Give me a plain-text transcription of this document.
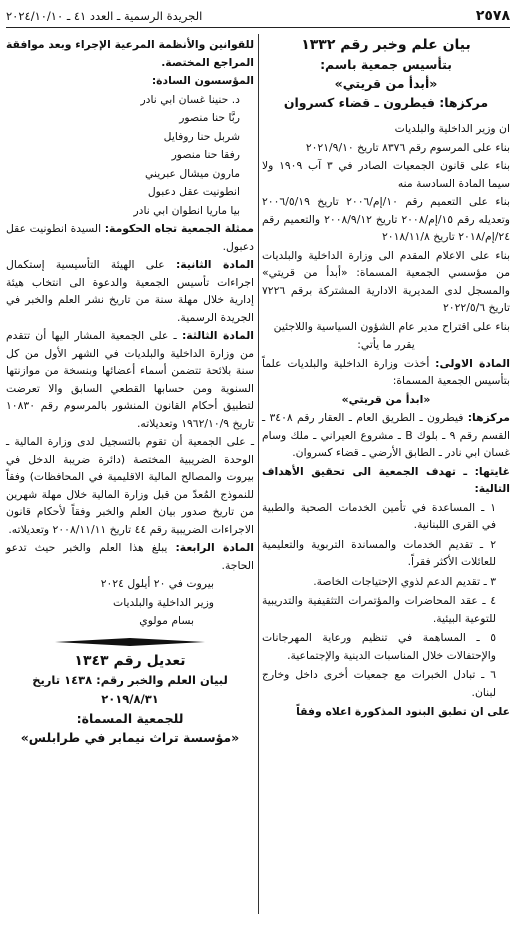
٢٥٧٨
الجريدة الرسمية ـ العدد ٤١ ـ ٢٠٢٤/١٠/١٠
بيان علم وخبر رقم ١٣٣٢
بتأسيس جمعية باسم:
«أبدأ من قريتي»
مركزها: فيطرون ـ قضاء كسروان
ان وزير الداخلية والبلديات
بناء على المرسوم رقم ٨٣٧٦ تاريخ ٢٠٢١/٩/١٠
بناء على قانون الجمعيات الصادر في ٣ آب ١٩٠٩ ولا سيما المادة السادسة منه
بناء على التعميم رقم ١٠/إم/٢٠٠٦ تاريخ ٢٠٠٦/٥/١٩ وتعديله رقم ١٥/إم/٢٠٠٨ تاريخ ٢٠٠٨/٩/١٢ والتعميم رقم ٢٤/إم/٢٠١٨ تاريخ ٢٠١٨/١١/٨
بناء على الاعلام المقدم الى وزارة الداخلية والبلديات من مؤسسي الجمعية المسماة: «أبدأ من قريتي» والمسجل لدى المديرية الادارية المشتركة برقم ٧٢٢٦ تاريخ ٢٠٢٢/٥/٦
بناء على اقتراح مدير عام الشؤون السياسية واللاجئين
يقرر ما يأتي:
المادة الاولى: أخذت وزارة الداخلية والبلديات علماً بتأسيس الجمعية المسماة:
«ابدأ من قريتي»
مركزها: فيطرون ـ الطريق العام ـ العقار رقم ٣٤٠٨ ـ القسم رقم ٩ ـ بلوك B ـ مشروع العيراني ـ ملك وسام غسان ابي نادر ـ الطابق الأرضي ـ قضاء كسروان.
غايتها: ـ تهدف الجمعية الى تحقيق الأهداف التالية:
١ ـ المساعدة في تأمين الخدمات الصحية والطبية في القرى اللبنانية.
٢ ـ تقديم الخدمات والمساندة التربوية والتعليمية للعائلات الأكثر فقراً.
٣ ـ تقديم الدعم لذوي الإحتياجات الخاصة.
٤ ـ عقد المحاضرات والمؤتمرات التثقيفية والتدريبية للتوعية البيئية.
٥ ـ المساهمة في تنظيم ورعاية المهرجانات والإحتفالات خلال المناسبات الدينية والإجتماعية.
٦ ـ تبادل الخبرات مع جمعيات أخرى داخل وخارج لبنان.
على ان تطبق البنود المذكورة اعلاه وفقاً
للقوانين والأنظمة المرعية الإجراء وبعد موافقة المراجع المختصة.
المؤسسون السادة:
د. حنينا غسان ابي نادر
ربَّا حنا منصور
شربل حنا روفايل
رفقا حنا منصور
مارون ميشال عبريني
انطونيت عقل دعبول
بيا ماريا انطوان ابي نادر
ممثلة الجمعية تجاه الحكومة: السيدة انطونيت عقل دعبول.
المادة الثانية: على الهيئة التأسيسية إستكمال اجراءات تأسيس الجمعية والدعوة الى انتخاب هيئة إدارية خلال مهلة سنة من تاريخ نشر العلم والخبر في الجريدة الرسمية.
المادة الثالثة: ـ على الجمعية المشار اليها أن تتقدم من وزارة الداخلية والبلديات في الشهر الأول من كل سنة بلائحة تتضمن أسماء أعضائها وبنسخة من موازنتها السنوية ومن حسابها القطعي السابق والا تعرضت لتطبيق أحكام القانون المنشور بالمرسوم رقم ١٠٨٣٠ تاريخ ١٩٦٢/١٠/٩ وتعديلاته.
ـ على الجمعية أن تقوم بالتسجيل لدى وزارة المالية ـ الوحدة الضريبية المختصة (دائرة ضريبة الدخل في بيروت والمصالح المالية الاقليمية في المحافظات) وفقاً للنموذج المُعدّ من قبل وزارة المالية خلال مهلة شهرين من تاريخ صدور بيان العلم والخبر وفقاً لأحكام قانون الاجراءات الضريبية رقم ٤٤ تاريخ ٢٠٠٨/١١/١١ وتعديلاته.
المادة الرابعة: يبلغ هذا العلم والخبر حيث تدعو الحاجة.
بيروت في ٢٠ أيلول ٢٠٢٤
وزير الداخلية والبلديات
بسام مولوي
تعديل رقم ١٣٤٣
لبيان العلم والخبر رقم: ١٤٣٨ تاريخ ٢٠١٩/٨/٣١
للجمعية المسماة:
«مؤسسة تراث نيمابر في طرابلس»
